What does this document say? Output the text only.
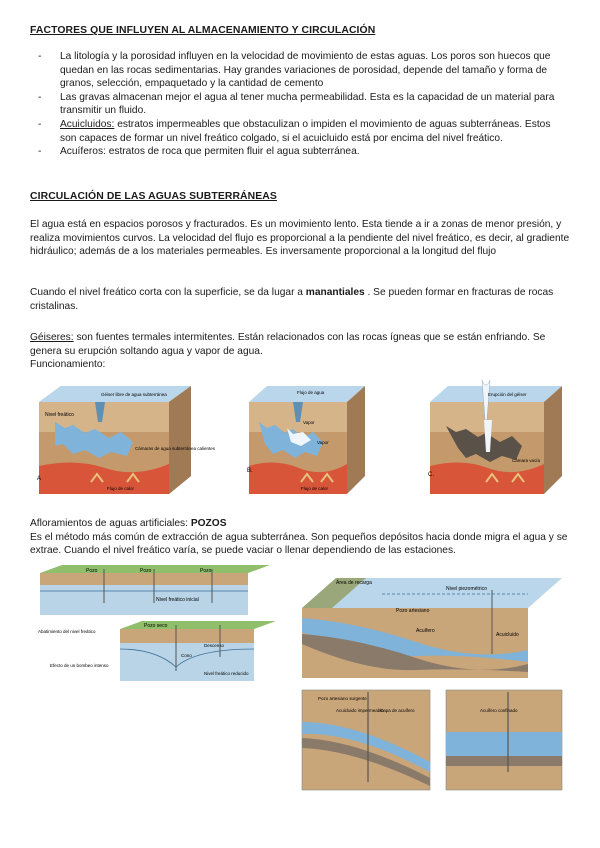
FACTORES QUE INFLUYEN AL ALMACENAMIENTO Y CIRCULACIÓN
- La litología y la porosidad influyen en la velocidad de movimiento de estas aguas. Los poros son huecos que quedan en las rocas sedimentarias. Hay grandes variaciones de porosidad, depende del tamaño y forma de granos, selección, empaquetado y la cantidad de cemento
- Las gravas almacenan mejor el agua al tener mucha permeabilidad. Esta es la capacidad de un material para transmitir un fluido.
- Acuicluidos: estratos impermeables que obstaculizan o impiden el movimiento de aguas subterráneas. Estos son capaces de formar un nivel freático colgado, si el acuicluido está por encima del nivel freático.
- Acuíferos: estratos de roca que permiten fluir el agua subterránea.
CIRCULACIÓN DE LAS AGUAS SUBTERRÁNEAS

El agua está en espacios porosos y fracturados. Es un movimiento lento. Esta tiende a ir a zonas de menor presión, y realiza movimientos curvos. La velocidad del flujo es proporcional a la pendiente del nivel freático, es decir, al gradiente hidráulico; además de a los materiales permeables. Es inversamente proporcional a la longitud del flujo

Cuando el nivel freático corta con la superficie, se da lugar a manantiales . Se pueden formar en fracturas de rocas cristalinas.

Géiseres: son fuentes termales intermitentes. Están relacionados con las rocas ígneas que se están enfriando. Se genera su erupción soltando agua y vapor de agua.
Funcionamiento:

Nivel freático
Géiser libre de agua subterránea
Cámaras de agua subterránea calientes
Flujo de calor
A
Flujo de agua
Vapor
Vapor
Flujo de calor
B.
Erupción del géiser
Cámara vacía
C.

Afloramientos de aguas artificiales: POZOS
Es el método más común de extracción de agua subterránea. Son pequeños depósitos hacia donde migra el agua y se extrae. Cuando el nivel freático varía, se puede vaciar o llenar dependiendo de las estaciones.

Pozo	Pozo	Pozo
Nivel freático inicial
Abatimiento del nivel freático
Pozo seco
Cono
Descenso
Nivel freático reducido
Efecto de un bombeo intenso
Área de recarga
Pozo artesiano
Nivel piezométrico
Acuífero
Acuicluido
Pozo artesiano surgente
Acuicluido impermeable
Capa de acuífero	Acuífero confinado
